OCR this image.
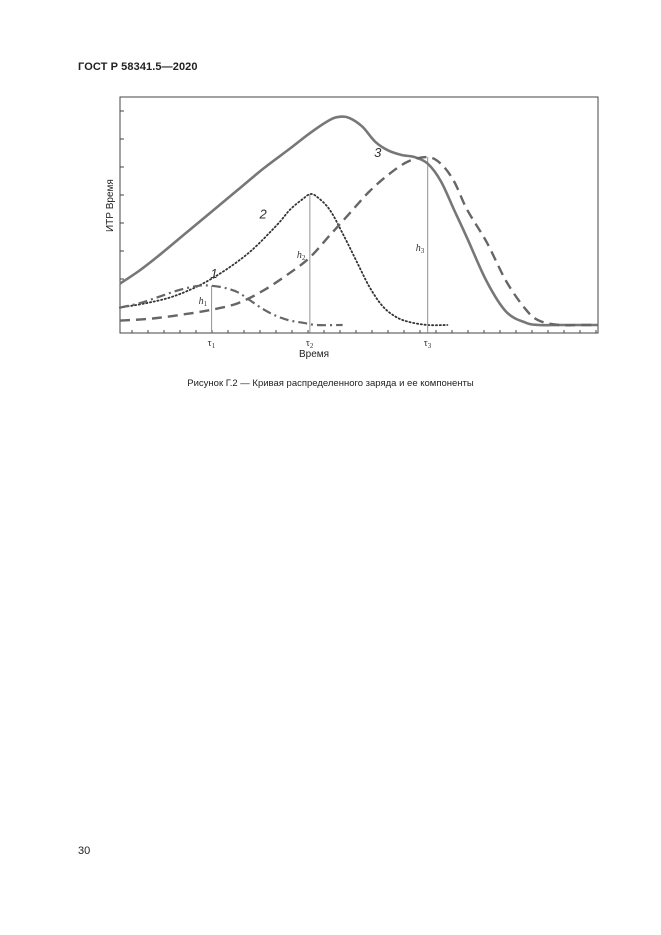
ГОСТ Р 58341.5—2020
$\tau_1$	$\tau_2$	$\tau_3$
$h_1$
$h_2$
$h_3$
ИТР Время
Время
1
2
3
Рисунок Г.2 — Кривая распределенного заряда и ее компоненты
30
